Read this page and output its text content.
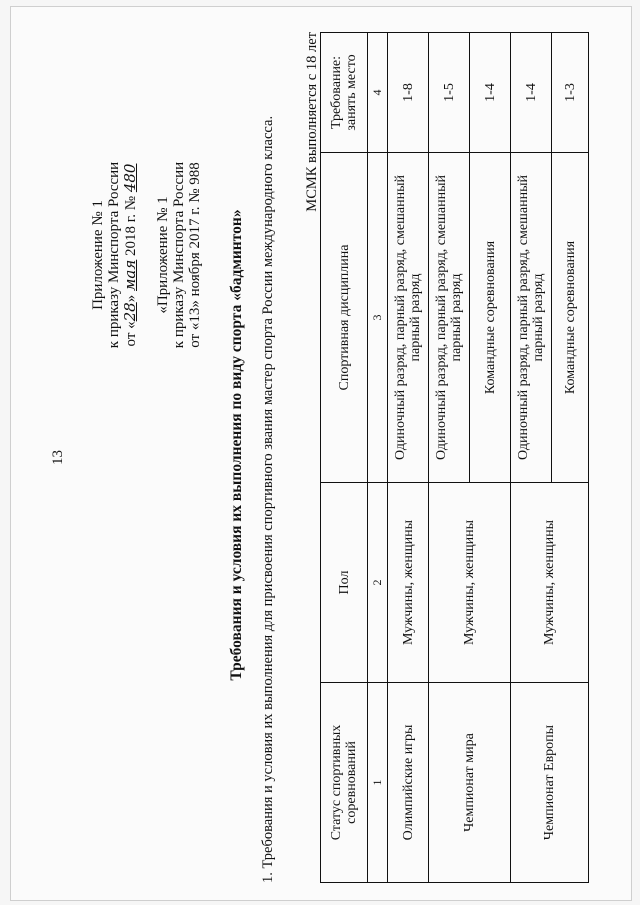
13
Приложение № 1 к приказу Минспорта России от «28» мая 2018 г. № 480
«Приложение № 1 к приказу Минспорта России от «13» ноября 2017 г. № 988 Требования и условия их выполнения по виду спорта «бадминтон» 1. Требования и условия их выполнения для присвоения спортивного звания мастер спорта России международного класса. МСМК выполняется с 18 лет
Статус спортивных соревнований	Пол	Спортивная дисциплина	Требование: занять место
1	2	3	4
Олимпийские игры	Мужчины, женщины	Одиночный разряд, парный разряд, смешанный парный разряд	1-8
Чемпионат мира	Мужчины, женщины	Одиночный разряд, парный разряд, смешанный парный разряд	1-5
		Командные соревнования	1-4
Чемпионат Европы	Мужчины, женщины	Одиночный разряд, парный разряд, смешанный парный разряд	1-4
		Командные соревнования	1-3
